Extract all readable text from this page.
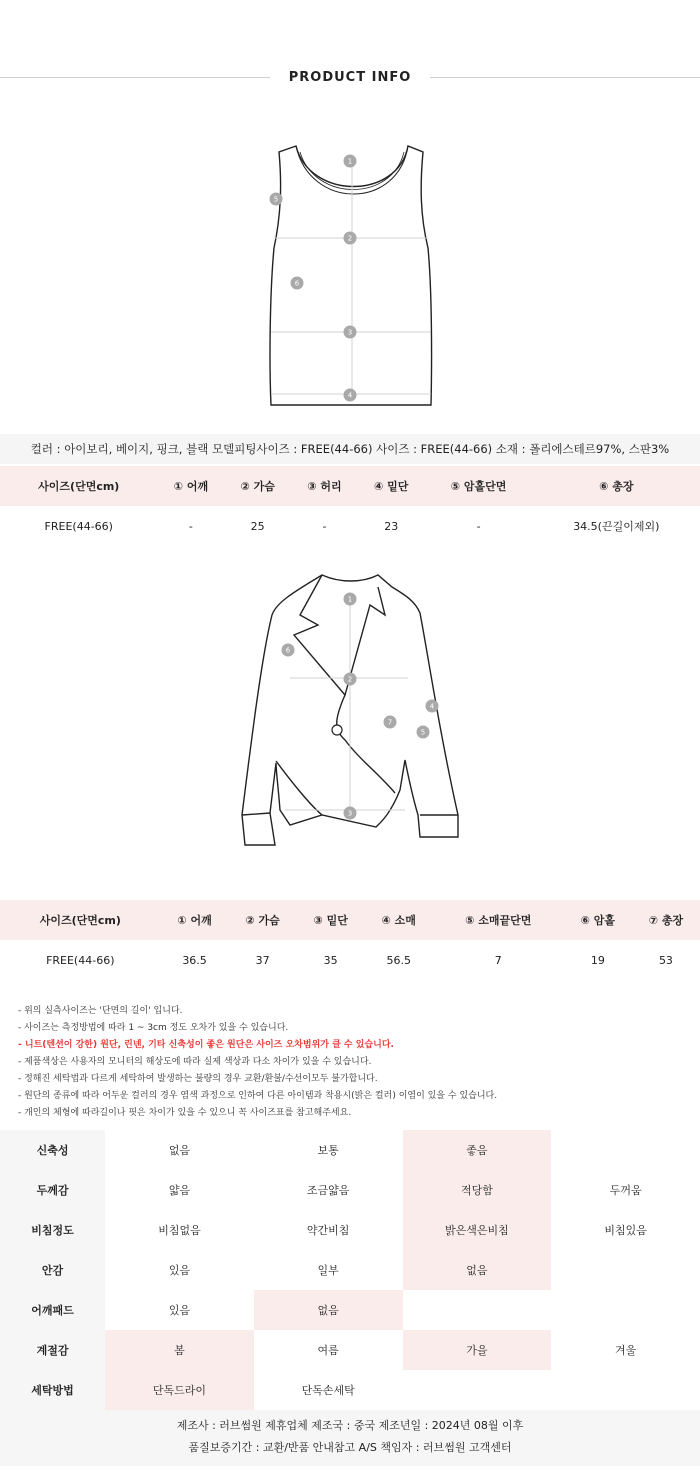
PRODUCT INFO
1
2
3
4
5
6
컬러 : 아이보리, 베이지, 핑크, 블랙 모델피팅사이즈 : FREE(44-66) 사이즈 : FREE(44-66) 소재 : 폴리에스테르97%, 스판3%
사이즈(단면cm)	① 어깨	② 가슴	③ 허리	④ 밑단	⑤ 암홀단면	⑥ 총장
FREE(44-66)	-	25	-	23	-	34.5(끈길이제외)
1
2
3
4
5
6
7
사이즈(단면cm)	① 어깨	② 가슴	③ 밑단	④ 소매	⑤ 소매끝단면	⑥ 암홀	⑦ 총장
FREE(44-66)	36.5	37	35	56.5	7	19	53
- 위의 실측사이즈는 '단면의 길이' 입니다.
- 사이즈는 측정방법에 따라 1 ~ 3cm 정도 오차가 있을 수 있습니다.
- 니트(텐션이 강한) 원단, 린넨, 기타 신축성이 좋은 원단은 사이즈 오차범위가 클 수 있습니다.
- 제품색상은 사용자의 모니터의 해상도에 따라 실제 색상과 다소 차이가 있을 수 있습니다.
- 정해진 세탁법과 다르게 세탁하여 발생하는 불량의 경우 교환/환불/수선이모두 불가합니다.
- 원단의 종류에 따라 어두운 컬러의 경우 염색 과정으로 인하여 다른 아이템과 착용시(밝은 컬러) 이염이 있을 수 있습니다.
- 개인의 체형에 따라길이나 핏은 차이가 있을 수 있으니 꼭 사이즈표를 참고해주세요.
신축성	없음	보통	좋음	
두께감	얇음	조금얇음	적당함	두꺼움
비침정도	비침없음	약간비침	밝은색은비침	비침있음
안감	있음	일부	없음	
어깨패드	있음	없음		
계절감	봄	여름	가을	겨울
세탁방법	단독드라이	단독손세탁		
제조사 : 러브썸원 제휴업체 제조국 : 중국 제조년일 : 2024년 08월 이후
품질보증기간 : 교환/반품 안내참고 A/S 책임자 : 러브썸원 고객센터
